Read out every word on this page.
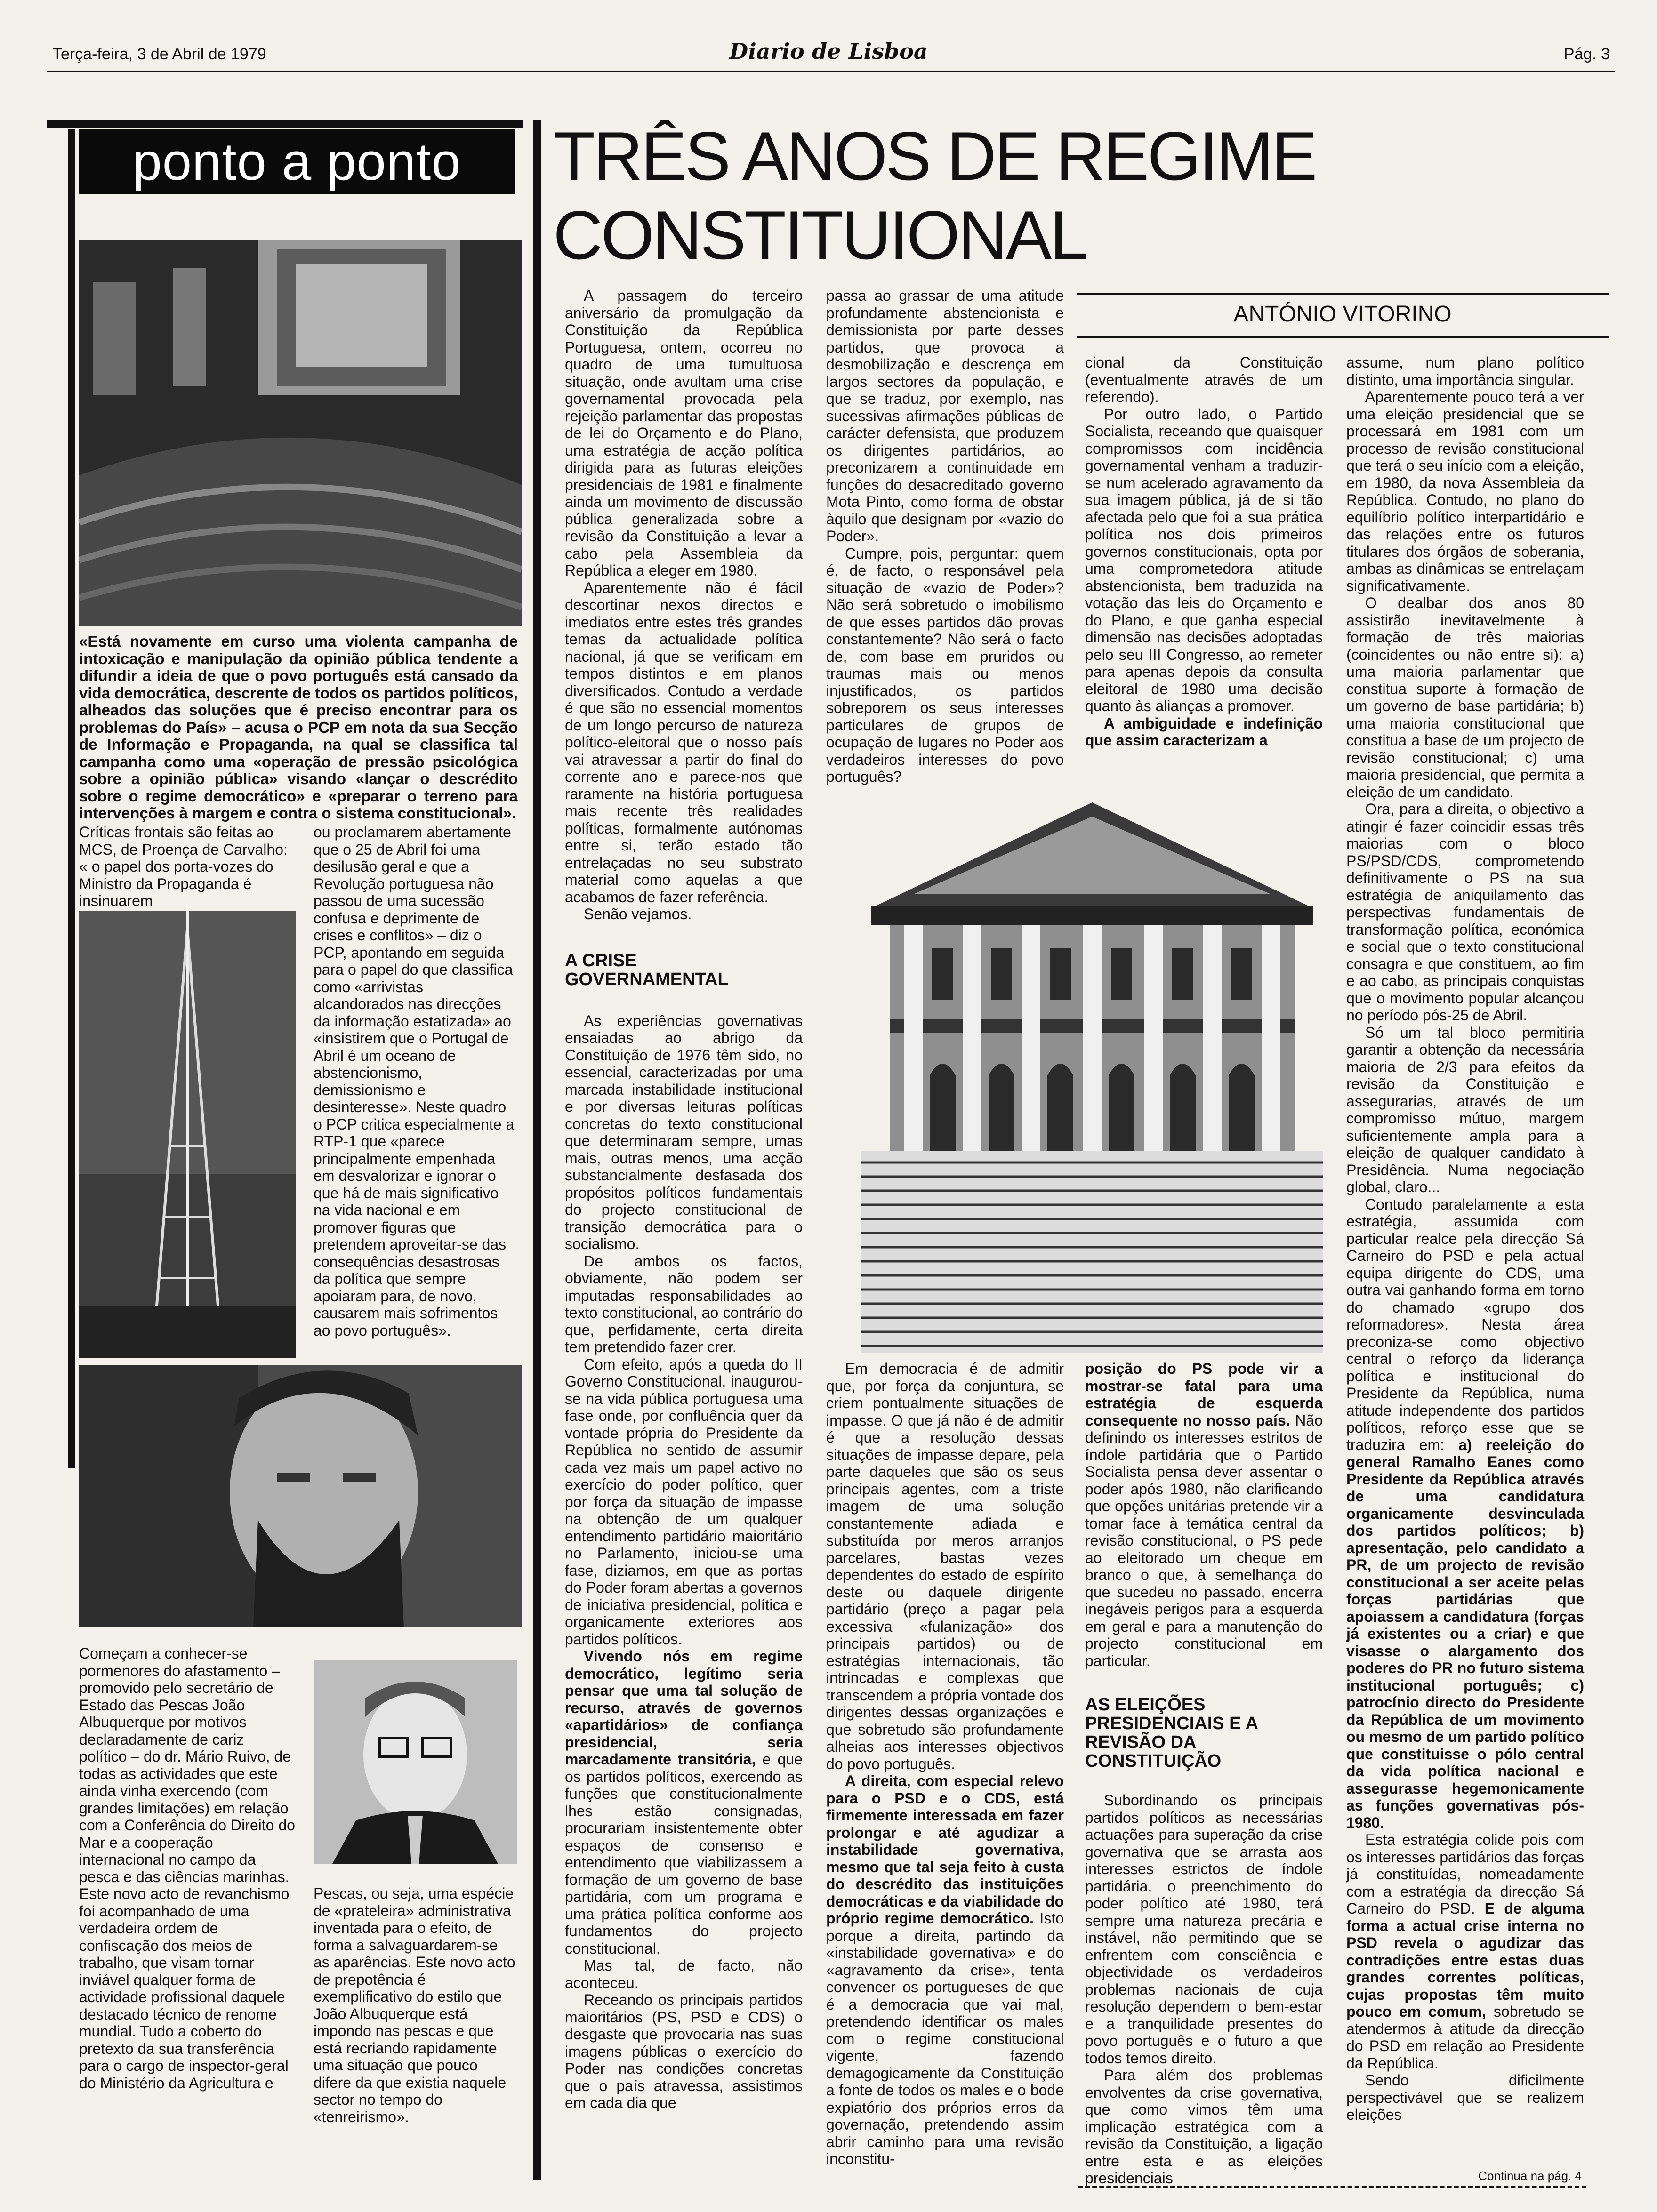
Terça-feira, 3 de Abril de 1979	Diario de Lisboa	Pág. 3
ponto a ponto
«Está novamente em curso uma violenta campanha de intoxicação e manipulação da opinião pública tendente a difundir a ideia de que o povo português está cansado da vida democrática, descrente de todos os partidos políticos, alheados das soluções que é preciso encontrar para os problemas do País» – acusa o PCP em nota da sua Secção de Informação e Propaganda, na qual se classifica tal campanha como uma «operação de pressão psicológica sobre a opinião pública» visando «lançar o descrédito sobre o regime democrático» e «preparar o terreno para intervenções à margem e contra o sistema constitucional».
Críticas frontais são feitas ao MCS, de Proença de Carvalho: « o papel dos porta-vozes do Ministro da Propaganda é insinuarem
ou proclamarem abertamente que o 25 de Abril foi uma desilusão geral e que a Revolução portuguesa não passou de uma sucessão confusa e deprimente de crises e conflitos» – diz o PCP, apontando em seguida para o papel do que classifica como «arrivistas alcandorados nas direcções da informação estatizada» ao «insistirem que o Portugal de Abril é um oceano de abstencionismo, demissionismo e desinteresse». Neste quadro o PCP critica especialmente a RTP-1 que «parece principalmente empenhada em desvalorizar e ignorar o que há de mais significativo na vida nacional e em promover figuras que pretendem aproveitar-se das consequências desastrosas da política que sempre apoiaram para, de novo, causarem mais sofrimentos ao povo português».
Começam a conhecer-se pormenores do afastamento – promovido pelo secretário de Estado das Pescas João Albuquerque por motivos declaradamente de cariz político – do dr. Mário Ruivo, de todas as actividades que este ainda vinha exercendo (com grandes limitações) em relação com a Conferência do Direito do Mar e a cooperação internacional no campo da pesca e das ciências marinhas. Este novo acto de revanchismo foi acompanhado de uma verdadeira ordem de confiscação dos meios de trabalho, que visam tornar inviável qualquer forma de actividade profissional daquele destacado técnico de renome mundial. Tudo a coberto do pretexto da sua transferência para o cargo de inspector-geral do Ministério da Agricultura e
Pescas, ou seja, uma espécie de «prateleira» administrativa inventada para o efeito, de forma a salvaguardarem-se as aparências. Este novo acto de prepotência é exemplificativo do estilo que João Albuquerque está impondo nas pescas e que está recriando rapidamente uma situação que pouco difere da que existia naquele sector no tempo do «tenreirismo».
TRÊS ANOS DE REGIME
CONSTITUIONAL
ANTÓNIO VITORINO

A passagem do terceiro aniversário da promulgação da Constituição da República Portuguesa, ontem, ocorreu no quadro de uma tumultuosa situação, onde avultam uma crise governamental provocada pela rejeição parlamentar das propostas de lei do Orçamento e do Plano, uma estratégia de acção política dirigida para as futuras eleições presidenciais de 1981 e finalmente ainda um movimento de discussão pública generalizada sobre a revisão da Constituição a levar a cabo pela Assembleia da República a eleger em 1980.

Aparentemente não é fácil descortinar nexos directos e imediatos entre estes três grandes temas da actualidade política nacional, já que se verificam em tempos distintos e em planos diversificados. Contudo a verdade é que são no essencial momentos de um longo percurso de natureza político-eleitoral que o nosso país vai atravessar a partir do final do corrente ano e parece-nos que raramente na história portuguesa mais recente três realidades políticas, formalmente autónomas entre si, terão estado tão entrelaçadas no seu substrato material como aquelas a que acabamos de fazer referência.

Senão vejamos.

A CRISE GOVERNAMENTAL

As experiências governativas ensaiadas ao abrigo da Constituição de 1976 têm sido, no essencial, caracterizadas por uma marcada instabilidade institucional e por diversas leituras políticas concretas do texto constitucional que determinaram sempre, umas mais, outras menos, uma acção substancialmente desfasada dos propósitos políticos fundamentais do projecto constitucional de transição democrática para o socialismo.

De ambos os factos, obviamente, não podem ser imputadas responsabilidades ao texto constitucional, ao contrário do que, perfidamente, certa direita tem pretendido fazer crer.

Com efeito, após a queda do II Governo Constitucional, inaugurou-se na vida pública portuguesa uma fase onde, por confluência quer da vontade própria do Presidente da República no sentido de assumir cada vez mais um papel activo no exercício do poder político, quer por força da situação de impasse na obtenção de um qualquer entendimento partidário maioritário no Parlamento, iniciou-se uma fase, diziamos, em que as portas do Poder foram abertas a governos de iniciativa presidencial, política e organicamente exteriores aos partidos políticos.

Vivendo nós em regime democrático, legítimo seria pensar que uma tal solução de recurso, através de governos «apartidários» de confiança presidencial, seria marcadamente transitória, e que os partidos políticos, exercendo as funções que constitucionalmente lhes estão consignadas, procurariam insistentemente obter espaços de consenso e entendimento que viabilizassem a formação de um governo de base partidária, com um programa e uma prática política conforme aos fundamentos do projecto constitucional.

Mas tal, de facto, não aconteceu.

Receando os principais partidos maioritários (PS, PSD e CDS) o desgaste que provocaria nas suas imagens públicas o exercício do Poder nas condições concretas que o país atravessa, assistimos em cada dia que

passa ao grassar de uma atitude profundamente abstencionista e demissionista por parte desses partidos, que provoca a desmobilização e descrença em largos sectores da população, e que se traduz, por exemplo, nas sucessivas afirmações públicas de carácter defensista, que produzem os dirigentes partidários, ao preconizarem a continuidade em funções do desacreditado governo Mota Pinto, como forma de obstar àquilo que designam por «vazio do Poder».

Cumpre, pois, perguntar: quem é, de facto, o responsável pela situação de «vazio de Poder»? Não será sobretudo o imobilismo de que esses partidos dão provas constantemente? Não será o facto de, com base em pruridos ou traumas mais ou menos injustificados, os partidos sobreporem os seus interesses particulares de grupos de ocupação de lugares no Poder aos verdadeiros interesses do povo português?

cional da Constituição (eventualmente através de um referendo).

Por outro lado, o Partido Socialista, receando que quaisquer compromissos com incidência governamental venham a traduzir-se num acelerado agravamento da sua imagem pública, já de si tão afectada pelo que foi a sua prática política nos dois primeiros governos constitucionais, opta por uma comprometedora atitude abstencionista, bem traduzida na votação das leis do Orçamento e do Plano, e que ganha especial dimensão nas decisões adoptadas pelo seu III Congresso, ao remeter para apenas depois da consulta eleitoral de 1980 uma decisão quanto às alianças a promover.

A ambiguidade e indefinição que assim caracterizam a

Em democracia é de admitir que, por força da conjuntura, se criem pontualmente situações de impasse. O que já não é de admitir é que a resolução dessas situações de impasse depare, pela parte daqueles que são os seus principais agentes, com a triste imagem de uma solução constantemente adiada e substituída por meros arranjos parcelares, bastas vezes dependentes do estado de espírito deste ou daquele dirigente partidário (preço a pagar pela excessiva «fulanização» dos principais partidos) ou de estratégias internacionais, tão intrincadas e complexas que transcendem a própria vontade dos dirigentes dessas organizações e que sobretudo são profundamente alheias aos interesses objectivos do povo português.

A direita, com especial relevo para o PSD e o CDS, está firmemente interessada em fazer prolongar e até agudizar a instabilidade governativa, mesmo que tal seja feito à custa do descrédito das instituições democráticas e da viabilidade do próprio regime democrático. Isto porque a direita, partindo da «instabilidade governativa» e do «agravamento da crise», tenta convencer os portugueses de que é a democracia que vai mal, pretendendo identificar os males com o regime constitucional vigente, fazendo demagogicamente da Constituição a fonte de todos os males e o bode expiatório dos próprios erros da governação, pretendendo assim abrir caminho para uma revisão inconstitu-

posição do PS pode vir a mostrar-se fatal para uma estratégia de esquerda consequente no nosso país. Não definindo os interesses estritos de índole partidária que o Partido Socialista pensa dever assentar o poder após 1980, não clarificando que opções unitárias pretende vir a tomar face à temática central da revisão constitucional, o PS pede ao eleitorado um cheque em branco o que, à semelhança do que sucedeu no passado, encerra inegáveis perigos para a esquerda em geral e para a manutenção do projecto constitucional em particular.

AS ELEIÇÕES PRESIDENCIAIS E A REVISÃO DA CONSTITUIÇÃO

Subordinando os principais partidos políticos as necessárias actuações para superação da crise governativa que se arrasta aos interesses estrictos de índole partidária, o preenchimento do poder político até 1980, terá sempre uma natureza precária e instável, não permitindo que se enfrentem com consciência e objectividade os verdadeiros problemas nacionais de cuja resolução dependem o bem-estar e a tranquilidade presentes do povo português e o futuro a que todos temos direito.

Para além dos problemas envolventes da crise governativa, que como vimos têm uma implicação estratégica com a revisão da Constituição, a ligação entre esta e as eleições presidenciais

assume, num plano político distinto, uma importância singular.

Aparentemente pouco terá a ver uma eleição presidencial que se processará em 1981 com um processo de revisão constitucional que terá o seu início com a eleição, em 1980, da nova Assembleia da República. Contudo, no plano do equilíbrio político interpartidário e das relações entre os futuros titulares dos órgãos de soberania, ambas as dinâmicas se entrelaçam significativamente.

O dealbar dos anos 80 assistirão inevitavelmente à formação de três maiorias (coincidentes ou não entre si): a) uma maioria parlamentar que constitua suporte à formação de um governo de base partidária; b) uma maioria constitucional que constitua a base de um projecto de revisão constitucional; c) uma maioria presidencial, que permita a eleição de um candidato.

Ora, para a direita, o objectivo a atingir é fazer coincidir essas três maiorias com o bloco PS/PSD/CDS, comprometendo definitivamente o PS na sua estratégia de aniquilamento das perspectivas fundamentais de transformação política, económica e social que o texto constitucional consagra e que constituem, ao fim e ao cabo, as principais conquistas que o movimento popular alcançou no período pós-25 de Abril.

Só um tal bloco permitiria garantir a obtenção da necessária maioria de 2/3 para efeitos da revisão da Constituição e assegurarias, através de um compromisso mútuo, margem suficientemente ampla para a eleição de qualquer candidato à Presidência. Numa negociação global, claro...

Contudo paralelamente a esta estratégia, assumida com particular realce pela direcção Sá Carneiro do PSD e pela actual equipa dirigente do CDS, uma outra vai ganhando forma em torno do chamado «grupo dos reformadores». Nesta área preconiza-se como objectivo central o reforço da liderança política e institucional do Presidente da República, numa atitude independente dos partidos políticos, reforço esse que se traduzira em: a) reeleição do general Ramalho Eanes como Presidente da República através de uma candidatura organicamente desvinculada dos partidos políticos; b) apresentação, pelo candidato a PR, de um projecto de revisão constitucional a ser aceite pelas forças partidárias que apoiassem a candidatura (forças já existentes ou a criar) e que visasse o alargamento dos poderes do PR no futuro sistema institucional português; c) patrocínio directo do Presidente da República de um movimento ou mesmo de um partido político que constituisse o pólo central da vida política nacional e assegurasse hegemonicamente as funções governativas pós-1980.

Esta estratégia colide pois com os interesses partidários das forças já constituídas, nomeadamente com a estratégia da direcção Sá Carneiro do PSD. E de alguma forma a actual crise interna no PSD revela o agudizar das contradições entre estas duas grandes correntes políticas, cujas propostas têm muito pouco em comum, sobretudo se atendermos à atitude da direcção do PSD em relação ao Presidente da República.

Sendo dificilmente perspectivável que se realizem eleições

Continua na pág. 4
